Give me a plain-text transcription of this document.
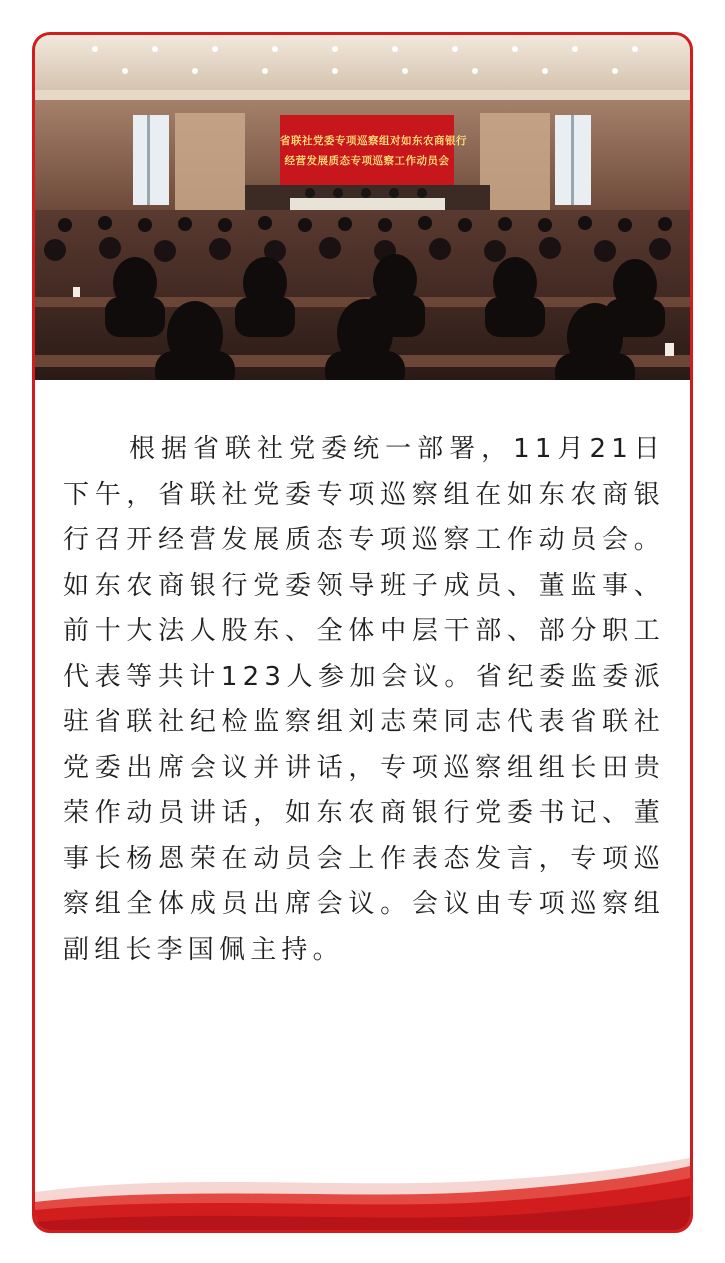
省联社党委专项巡察组对如东农商银行
经营发展质态专项巡察工作动员会

根据省联社党委统一部署，11月21日下午，省联社党委专项巡察组在如东农商银行召开经营发展质态专项巡察工作动员会。如东农商银行党委领导班子成员、董监事、前十大法人股东、全体中层干部、部分职工代表等共计123人参加会议。省纪委监委派驻省联社纪检监察组刘志荣同志代表省联社党委出席会议并讲话，专项巡察组组长田贵荣作动员讲话，如东农商银行党委书记、董事长杨恩荣在动员会上作表态发言，专项巡察组全体成员出席会议。会议由专项巡察组副组长李国佩主持。
